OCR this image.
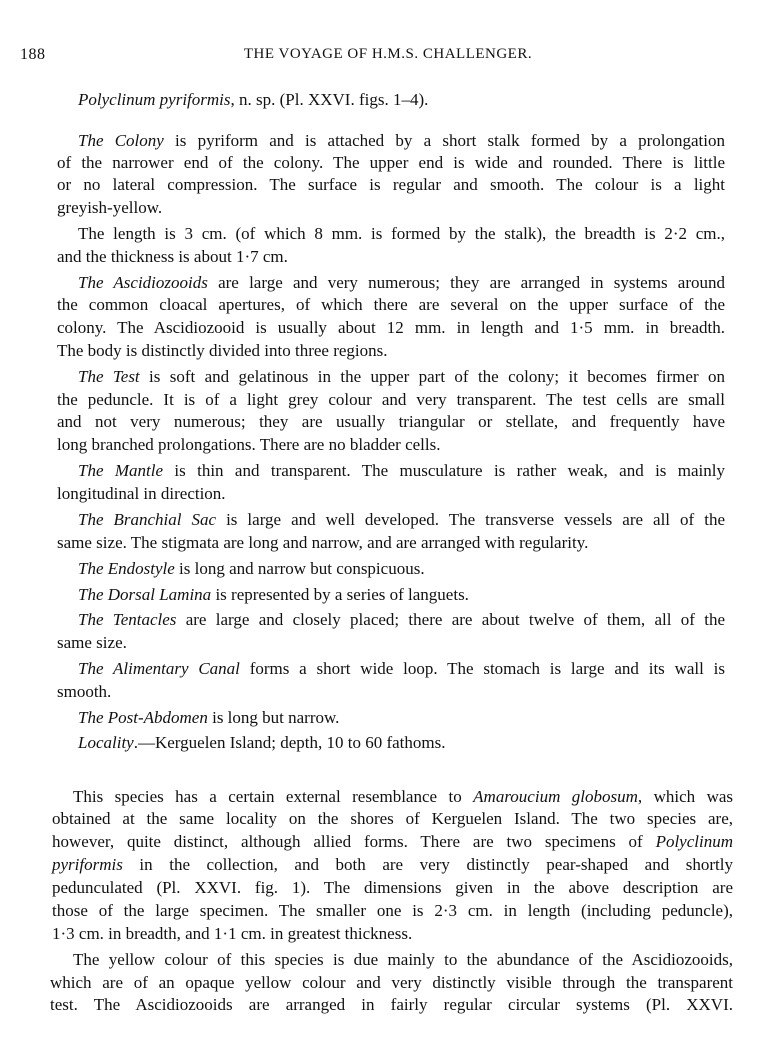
188	THE VOYAGE OF H.M.S. CHALLENGER.
Polyclinum pyriformis, n. sp. (Pl. XXVI. figs. 1–4).
The Colony is pyriform and is attached by a short stalk formed by a prolongation
of the narrower end of the colony. The upper end is wide and rounded. There is little
or no lateral compression. The surface is regular and smooth. The colour is a light
greyish-yellow.
The length is 3 cm. (of which 8 mm. is formed by the stalk), the breadth is 2·2 cm.,
and the thickness is about 1·7 cm.
The Ascidiozooids are large and very numerous; they are arranged in systems around
the common cloacal apertures, of which there are several on the upper surface of the
colony. The Ascidiozooid is usually about 12 mm. in length and 1·5 mm. in breadth.
The body is distinctly divided into three regions.
The Test is soft and gelatinous in the upper part of the colony; it becomes firmer on
the peduncle. It is of a light grey colour and very transparent. The test cells are small
and not very numerous; they are usually triangular or stellate, and frequently have
long branched prolongations. There are no bladder cells.
The Mantle is thin and transparent. The musculature is rather weak, and is mainly
longitudinal in direction.
The Branchial Sac is large and well developed. The transverse vessels are all of the
same size. The stigmata are long and narrow, and are arranged with regularity.
The Endostyle is long and narrow but conspicuous.
The Dorsal Lamina is represented by a series of languets.
The Tentacles are large and closely placed; there are about twelve of them, all of the
same size.
The Alimentary Canal forms a short wide loop. The stomach is large and its wall is
smooth.
The Post-Abdomen is long but narrow.
Locality.—Kerguelen Island; depth, 10 to 60 fathoms.
This species has a certain external resemblance to Amaroucium globosum, which was
obtained at the same locality on the shores of Kerguelen Island. The two species are,
however, quite distinct, although allied forms. There are two specimens of Polyclinum
pyriformis in the collection, and both are very distinctly pear-shaped and shortly
pedunculated (Pl. XXVI. fig. 1). The dimensions given in the above description are
those of the large specimen. The smaller one is 2·3 cm. in length (including peduncle),
1·3 cm. in breadth, and 1·1 cm. in greatest thickness.
The yellow colour of this species is due mainly to the abundance of the Ascidiozooids,
which are of an opaque yellow colour and very distinctly visible through the transparent
test. The Ascidiozooids are arranged in fairly regular circular systems (Pl. XXVI.
